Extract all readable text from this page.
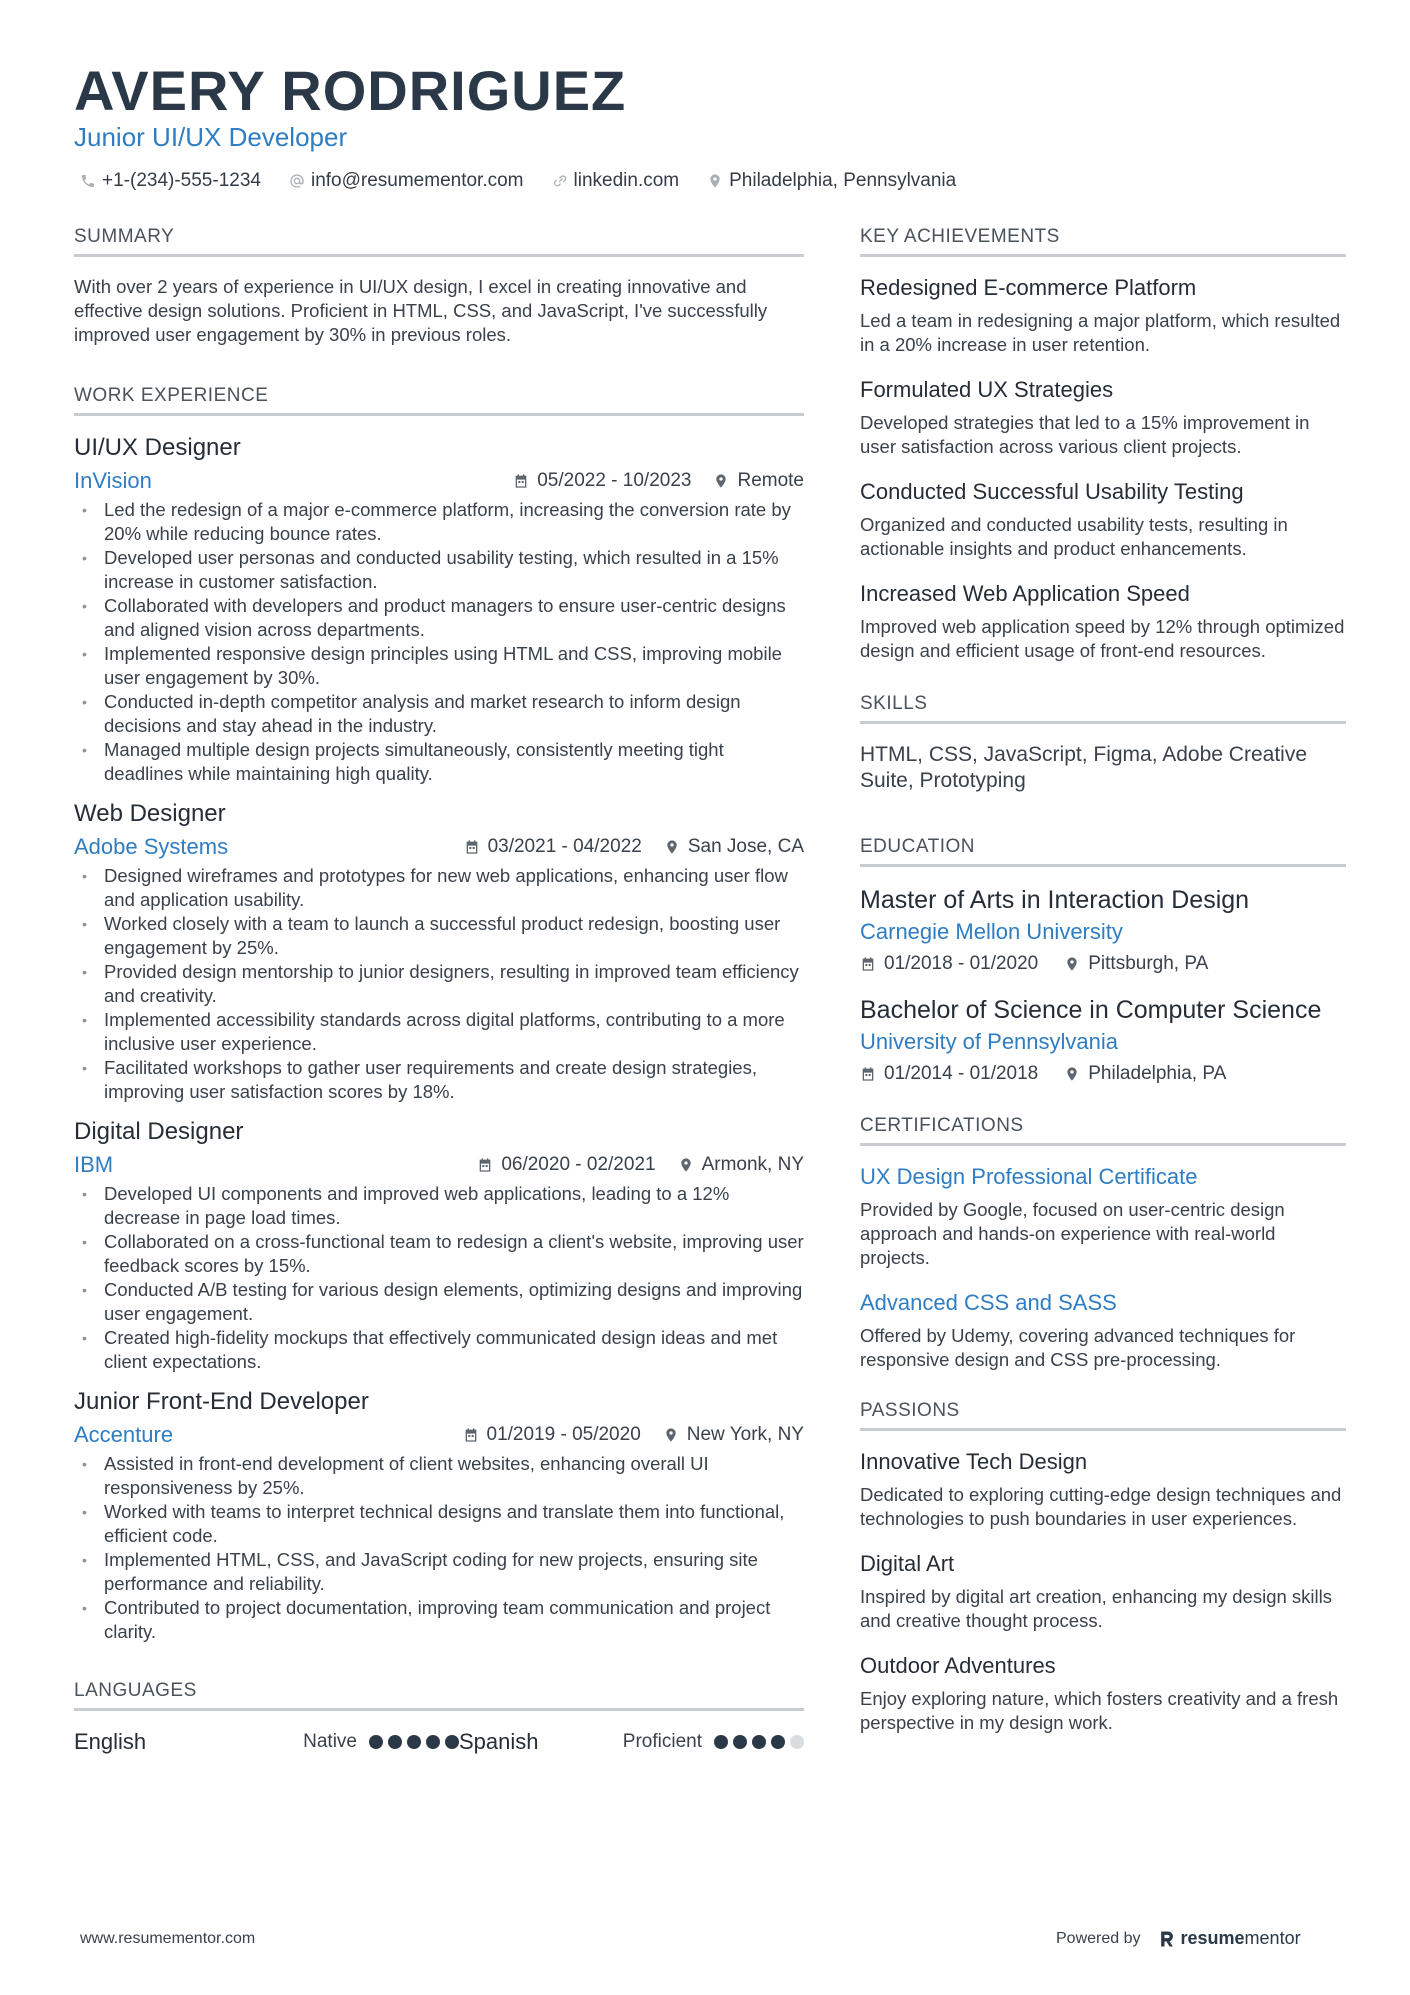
AVERY RODRIGUEZ
Junior UI/UX Developer
+1-(234)-555-1234	info@resumementor.com	linkedin.com	Philadelphia, Pennsylvania
SUMMARY

With over 2 years of experience in UI/UX design, I excel in creating innovative and effective design solutions. Proficient in HTML, CSS, and JavaScript, I've successfully improved user engagement by 30% in previous roles.

WORK EXPERIENCE
UI/UX Designer
InVision	05/2022 - 10/2023 Remote
• Led the redesign of a major e-commerce platform, increasing the conversion rate by 20% while reducing bounce rates.
• Developed user personas and conducted usability testing, which resulted in a 15% increase in customer satisfaction.
• Collaborated with developers and product managers to ensure user-centric designs and aligned vision across departments.
• Implemented responsive design principles using HTML and CSS, improving mobile user engagement by 30%.
• Conducted in-depth competitor analysis and market research to inform design decisions and stay ahead in the industry.
• Managed multiple design projects simultaneously, consistently meeting tight deadlines while maintaining high quality.
Web Designer
Adobe Systems	03/2021 - 04/2022 San Jose, CA
• Designed wireframes and prototypes for new web applications, enhancing user flow and application usability.
• Worked closely with a team to launch a successful product redesign, boosting user engagement by 25%.
• Provided design mentorship to junior designers, resulting in improved team efficiency and creativity.
• Implemented accessibility standards across digital platforms, contributing to a more inclusive user experience.
• Facilitated workshops to gather user requirements and create design strategies, improving user satisfaction scores by 18%.
Digital Designer
IBM	06/2020 - 02/2021 Armonk, NY
• Developed UI components and improved web applications, leading to a 12% decrease in page load times.
• Collaborated on a cross-functional team to redesign a client's website, improving user feedback scores by 15%.
• Conducted A/B testing for various design elements, optimizing designs and improving user engagement.
• Created high-fidelity mockups that effectively communicated design ideas and met client expectations.
Junior Front-End Developer
Accenture	01/2019 - 05/2020 New York, NY
• Assisted in front-end development of client websites, enhancing overall UI responsiveness by 25%.
• Worked with teams to interpret technical designs and translate them into functional, efficient code.
• Implemented HTML, CSS, and JavaScript coding for new projects, ensuring site performance and reliability.
• Contributed to project documentation, improving team communication and project clarity.
LANGUAGES
English	Native	Spanish	Proficient
KEY ACHIEVEMENTS
Redesigned E-commerce Platform

Led a team in redesigning a major platform, which resulted in a 20% increase in user retention.

Formulated UX Strategies

Developed strategies that led to a 15% improvement in user satisfaction across various client projects.

Conducted Successful Usability Testing

Organized and conducted usability tests, resulting in actionable insights and product enhancements.

Increased Web Application Speed

Improved web application speed by 12% through optimized design and efficient usage of front-end resources.

SKILLS

HTML, CSS, JavaScript, Figma, Adobe Creative Suite, Prototyping

EDUCATION
Master of Arts in Interaction Design
Carnegie Mellon University
01/2018 - 01/2020	Pittsburgh, PA
Bachelor of Science in Computer Science
University of Pennsylvania
01/2014 - 01/2018	Philadelphia, PA
CERTIFICATIONS
UX Design Professional Certificate

Provided by Google, focused on user-centric design approach and hands-on experience with real-world projects.

Advanced CSS and SASS

Offered by Udemy, covering advanced techniques for responsive design and CSS pre-processing.

PASSIONS
Innovative Tech Design

Dedicated to exploring cutting-edge design techniques and technologies to push boundaries in user experiences.

Digital Art

Inspired by digital art creation, enhancing my design skills and creative thought process.

Outdoor Adventures

Enjoy exploring nature, which fosters creativity and a fresh perspective in my design work.

www.resumementor.com	Powered by resumementor
